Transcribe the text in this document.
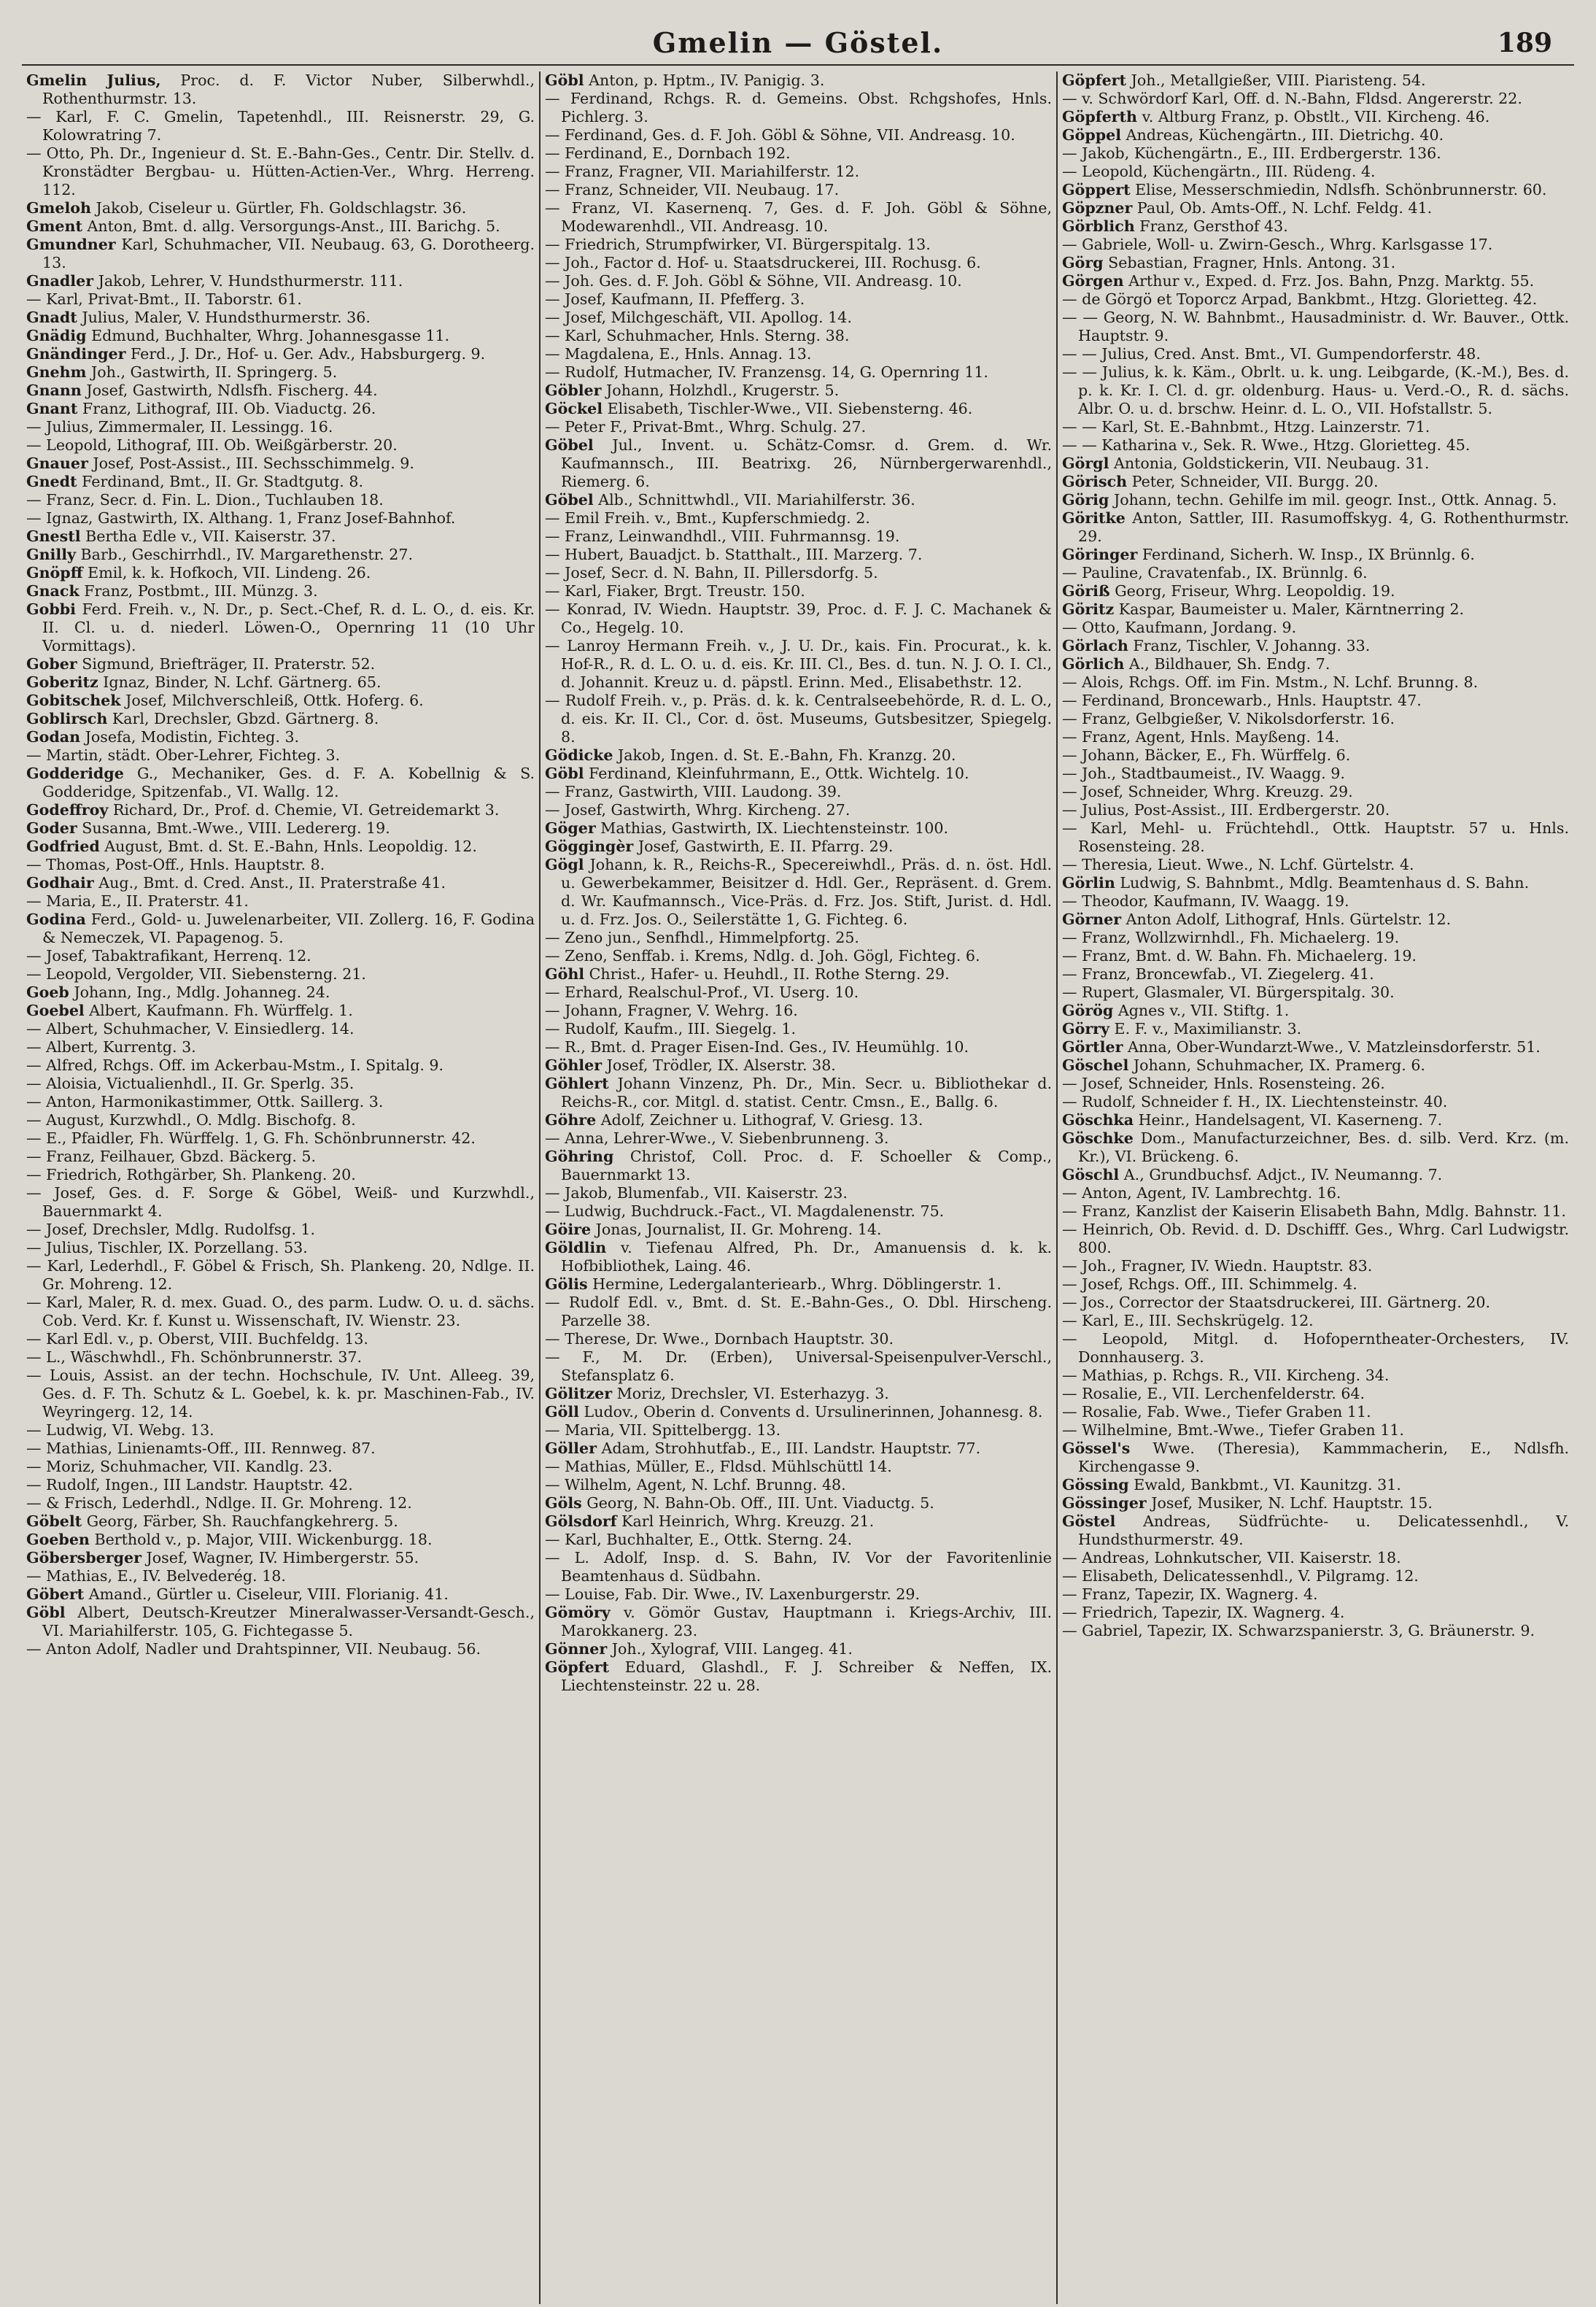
Gmelin — Göstel.	189
Gmelin Julius, Proc. d. F. Victor Nuber, Silberwhdl., Rothenthurmstr. 13.
— Karl, F. C. Gmelin, Tapetenhdl., III. Reisnerstr. 29, G. Kolowratring 7.
— Otto, Ph. Dr., Ingenieur d. St. E.-Bahn-Ges., Centr. Dir. Stellv. d. Kronstädter Bergbau- u. Hütten-Actien-Ver., Whrg. Herreng. 112.
Gmeloh Jakob, Ciseleur u. Gürtler, Fh. Goldschlagstr. 36.
Gment Anton, Bmt. d. allg. Versorgungs-Anst., III. Barichg. 5.
Gmundner Karl, Schuhmacher, VII. Neubaug. 63, G. Dorotheerg. 13.
Gnadler Jakob, Lehrer, V. Hundsthurmerstr. 111.
— Karl, Privat-Bmt., II. Taborstr. 61.
Gnadt Julius, Maler, V. Hundsthurmerstr. 36.
Gnädig Edmund, Buchhalter, Whrg. Johannesgasse 11.
Gnändinger Ferd., J. Dr., Hof- u. Ger. Adv., Habsburgerg. 9.
Gnehm Joh., Gastwirth, II. Springerg. 5.
Gnann Josef, Gastwirth, Ndlsfh. Fischerg. 44.
Gnant Franz, Lithograf, III. Ob. Viaductg. 26.
— Julius, Zimmermaler, II. Lessingg. 16.
— Leopold, Lithograf, III. Ob. Weißgärberstr. 20.
Gnauer Josef, Post-Assist., III. Sechsschimmelg. 9.
Gnedt Ferdinand, Bmt., II. Gr. Stadtgutg. 8.
— Franz, Secr. d. Fin. L. Dion., Tuchlauben 18.
— Ignaz, Gastwirth, IX. Althang. 1, Franz Josef-Bahnhof.
Gnestl Bertha Edle v., VII. Kaiserstr. 37.
Gnilly Barb., Geschirrhdl., IV. Margarethenstr. 27.
Gnöpff Emil, k. k. Hofkoch, VII. Lindeng. 26.
Gnack Franz, Postbmt., III. Münzg. 3.
Gobbi Ferd. Freih. v., N. Dr., p. Sect.-Chef, R. d. L. O., d. eis. Kr. II. Cl. u. d. niederl. Löwen-O., Opernring 11 (10 Uhr Vormittags).
Gober Sigmund, Briefträger, II. Praterstr. 52.
Goberitz Ignaz, Binder, N. Lchf. Gärtnerg. 65.
Gobitschek Josef, Milchverschleiß, Ottk. Hoferg. 6.
Goblirsch Karl, Drechsler, Gbzd. Gärtnerg. 8.
Godan Josefa, Modistin, Fichteg. 3.
— Martin, städt. Ober-Lehrer, Fichteg. 3.
Godderidge G., Mechaniker, Ges. d. F. A. Kobellnig & S. Godderidge, Spitzenfab., VI. Wallg. 12.
Godeffroy Richard, Dr., Prof. d. Chemie, VI. Getreidemarkt 3.
Goder Susanna, Bmt.-Wwe., VIII. Ledererg. 19.
Godfried August, Bmt. d. St. E.-Bahn, Hnls. Leopoldig. 12.
— Thomas, Post-Off., Hnls. Hauptstr. 8.
Godhair Aug., Bmt. d. Cred. Anst., II. Praterstraße 41.
— Maria, E., II. Praterstr. 41.
Godina Ferd., Gold- u. Juwelenarbeiter, VII. Zollerg. 16, F. Godina & Nemeczek, VI. Papagenog. 5.
— Josef, Tabaktrafikant, Herrenq. 12.
— Leopold, Vergolder, VII. Siebensterng. 21.
Goeb Johann, Ing., Mdlg. Johanneg. 24.
Goebel Albert, Kaufmann. Fh. Würffelg. 1.
— Albert, Schuhmacher, V. Einsiedlerg. 14.
— Albert, Kurrentg. 3.
— Alfred, Rchgs. Off. im Ackerbau-Mstm., I. Spitalg. 9.
— Aloisia, Victualienhdl., II. Gr. Sperlg. 35.
— Anton, Harmonikastimmer, Ottk. Saillerg. 3.
— August, Kurzwhdl., O. Mdlg. Bischofg. 8.
— E., Pfaidler, Fh. Würffelg. 1, G. Fh. Schönbrunnerstr. 42.
— Franz, Feilhauer, Gbzd. Bäckerg. 5.
— Friedrich, Rothgärber, Sh. Plankeng. 20.
— Josef, Ges. d. F. Sorge & Göbel, Weiß- und Kurzwhdl., Bauernmarkt 4.
— Josef, Drechsler, Mdlg. Rudolfsg. 1.
— Julius, Tischler, IX. Porzellang. 53.
— Karl, Lederhdl., F. Göbel & Frisch, Sh. Plankeng. 20, Ndlge. II. Gr. Mohreng. 12.
— Karl, Maler, R. d. mex. Guad. O., des parm. Ludw. O. u. d. sächs. Cob. Verd. Kr. f. Kunst u. Wissenschaft, IV. Wienstr. 23.
— Karl Edl. v., p. Oberst, VIII. Buchfeldg. 13.
— L., Wäschwhdl., Fh. Schönbrunnerstr. 37.
— Louis, Assist. an der techn. Hochschule, IV. Unt. Alleeg. 39, Ges. d. F. Th. Schutz & L. Goebel, k. k. pr. Maschinen-Fab., IV. Weyringerg. 12, 14.
— Ludwig, VI. Webg. 13.
— Mathias, Linienamts-Off., III. Rennweg. 87.
— Moriz, Schuhmacher, VII. Kandlg. 23.
— Rudolf, Ingen., III Landstr. Hauptstr. 42.
— & Frisch, Lederhdl., Ndlge. II. Gr. Mohreng. 12.
Göbelt Georg, Färber, Sh. Rauchfangkehrerg. 5.
Goeben Berthold v., p. Major, VIII. Wickenburgg. 18.
Göbersberger Josef, Wagner, IV. Himbergerstr. 55.
— Mathias, E., IV. Belvederég. 18.
Göbert Amand., Gürtler u. Ciseleur, VIII. Florianig. 41.
Göbl Albert, Deutsch-Kreutzer Mineralwasser-Versandt-Gesch., VI. Mariahilferstr. 105, G. Fichtegasse 5.
— Anton Adolf, Nadler und Drahtspinner, VII. Neubaug. 56.
Göbl Anton, p. Hptm., IV. Panigig. 3.
— Ferdinand, Rchgs. R. d. Gemeins. Obst. Rchgshofes, Hnls. Pichlerg. 3.
— Ferdinand, Ges. d. F. Joh. Göbl & Söhne, VII. Andreasg. 10.
— Ferdinand, E., Dornbach 192.
— Franz, Fragner, VII. Mariahilferstr. 12.
— Franz, Schneider, VII. Neubaug. 17.
— Franz, VI. Kasernenq. 7, Ges. d. F. Joh. Göbl & Söhne, Modewarenhdl., VII. Andreasg. 10.
— Friedrich, Strumpfwirker, VI. Bürgerspitalg. 13.
— Joh., Factor d. Hof- u. Staatsdruckerei, III. Rochusg. 6.
— Joh. Ges. d. F. Joh. Göbl & Söhne, VII. Andreasg. 10.
— Josef, Kaufmann, II. Pfefferg. 3.
— Josef, Milchgeschäft, VII. Apollog. 14.
— Karl, Schuhmacher, Hnls. Sterng. 38.
— Magdalena, E., Hnls. Annag. 13.
— Rudolf, Hutmacher, IV. Franzensg. 14, G. Opernring 11.
Göbler Johann, Holzhdl., Krugerstr. 5.
Göckel Elisabeth, Tischler-Wwe., VII. Siebensterng. 46.
— Peter F., Privat-Bmt., Whrg. Schulg. 27.
Göbel Jul., Invent. u. Schätz-Comsr. d. Grem. d. Wr. Kaufmannsch., III. Beatrixg. 26, Nürnbergerwarenhdl., Riemerg. 6.
Göbel Alb., Schnittwhdl., VII. Mariahilferstr. 36.
— Emil Freih. v., Bmt., Kupferschmiedg. 2.
— Franz, Leinwandhdl., VIII. Fuhrmannsg. 19.
— Hubert, Bauadjct. b. Statthalt., III. Marzerg. 7.
— Josef, Secr. d. N. Bahn, II. Pillersdorfg. 5.
— Karl, Fiaker, Brgt. Treustr. 150.
— Konrad, IV. Wiedn. Hauptstr. 39, Proc. d. F. J. C. Machanek & Co., Hegelg. 10.
— Lanroy Hermann Freih. v., J. U. Dr., kais. Fin. Procurat., k. k. Hof-R., R. d. L. O. u. d. eis. Kr. III. Cl., Bes. d. tun. N. J. O. I. Cl., d. Johannit. Kreuz u. d. päpstl. Erinn. Med., Elisabethstr. 12.
— Rudolf Freih. v., p. Präs. d. k. k. Centralseebehörde, R. d. L. O., d. eis. Kr. II. Cl., Cor. d. öst. Museums, Gutsbesitzer, Spiegelg. 8.
Gödicke Jakob, Ingen. d. St. E.-Bahn, Fh. Kranzg. 20.
Göbl Ferdinand, Kleinfuhrmann, E., Ottk. Wichtelg. 10.
— Franz, Gastwirth, VIII. Laudong. 39.
— Josef, Gastwirth, Whrg. Kircheng. 27.
Göger Mathias, Gastwirth, IX. Liechtensteinstr. 100.
Göggingèr Josef, Gastwirth, E. II. Pfarrg. 29.
Gögl Johann, k. R., Reichs-R., Specereiwhdl., Präs. d. n. öst. Hdl. u. Gewerbekammer, Beisitzer d. Hdl. Ger., Repräsent. d. Grem. d. Wr. Kaufmannsch., Vice-Präs. d. Frz. Jos. Stift, Jurist. d. Hdl. u. d. Frz. Jos. O., Seilerstätte 1, G. Fichteg. 6.
— Zeno jun., Senfhdl., Himmelpfortg. 25.
— Zeno, Senffab. i. Krems, Ndlg. d. Joh. Gögl, Fichteg. 6.
Göhl Christ., Hafer- u. Heuhdl., II. Rothe Sterng. 29.
— Erhard, Realschul-Prof., VI. Userg. 10.
— Johann, Fragner, V. Wehrg. 16.
— Rudolf, Kaufm., III. Siegelg. 1.
— R., Bmt. d. Prager Eisen-Ind. Ges., IV. Heumühlg. 10.
Göhler Josef, Trödler, IX. Alserstr. 38.
Göhlert Johann Vinzenz, Ph. Dr., Min. Secr. u. Bibliothekar d. Reichs-R., cor. Mitgl. d. statist. Centr. Cmsn., E., Ballg. 6.
Göhre Adolf, Zeichner u. Lithograf, V. Griesg. 13.
— Anna, Lehrer-Wwe., V. Siebenbrunneng. 3.
Göhring Christof, Coll. Proc. d. F. Schoeller & Comp., Bauernmarkt 13.
— Jakob, Blumenfab., VII. Kaiserstr. 23.
— Ludwig, Buchdruck.-Fact., VI. Magdalenenstr. 75.
Göire Jonas, Journalist, II. Gr. Mohreng. 14.
Göldlin v. Tiefenau Alfred, Ph. Dr., Amanuensis d. k. k. Hofbibliothek, Laing. 46.
Gölis Hermine, Ledergalanteriearb., Whrg. Döblingerstr. 1.
— Rudolf Edl. v., Bmt. d. St. E.-Bahn-Ges., O. Dbl. Hirscheng. Parzelle 38.
— Therese, Dr. Wwe., Dornbach Hauptstr. 30.
— F., M. Dr. (Erben), Universal-Speisenpulver-Verschl., Stefansplatz 6.
Gölitzer Moriz, Drechsler, VI. Esterhazyg. 3.
Göll Ludov., Oberin d. Convents d. Ursulinerinnen, Johannesg. 8.
— Maria, VII. Spittelbergg. 13.
Göller Adam, Strohhutfab., E., III. Landstr. Hauptstr. 77.
— Mathias, Müller, E., Fldsd. Mühlschüttl 14.
— Wilhelm, Agent, N. Lchf. Brunng. 48.
Göls Georg, N. Bahn-Ob. Off., III. Unt. Viaductg. 5.
Gölsdorf Karl Heinrich, Whrg. Kreuzg. 21.
— Karl, Buchhalter, E., Ottk. Sterng. 24.
— L. Adolf, Insp. d. S. Bahn, IV. Vor der Favoritenlinie Beamtenhaus d. Südbahn.
— Louise, Fab. Dir. Wwe., IV. Laxenburgerstr. 29.
Gömöry v. Gömör Gustav, Hauptmann i. Kriegs-Archiv, III. Marokkanerg. 23.
Gönner Joh., Xylograf, VIII. Langeg. 41.
Göpfert Eduard, Glashdl., F. J. Schreiber & Neffen, IX. Liechtensteinstr. 22 u. 28.
Göpfert Joh., Metallgießer, VIII. Piaristeng. 54.
— v. Schwördorf Karl, Off. d. N.-Bahn, Fldsd. Angererstr. 22.
Göpferth v. Altburg Franz, p. Obstlt., VII. Kircheng. 46.
Göppel Andreas, Küchengärtn., III. Dietrichg. 40.
— Jakob, Küchengärtn., E., III. Erdbergerstr. 136.
— Leopold, Küchengärtn., III. Rüdeng. 4.
Göppert Elise, Messerschmiedin, Ndlsfh. Schönbrunnerstr. 60.
Göpzner Paul, Ob. Amts-Off., N. Lchf. Feldg. 41.
Görblich Franz, Gersthof 43.
— Gabriele, Woll- u. Zwirn-Gesch., Whrg. Karlsgasse 17.
Görg Sebastian, Fragner, Hnls. Antong. 31.
Görgen Arthur v., Exped. d. Frz. Jos. Bahn, Pnzg. Marktg. 55.
— de Görgö et Toporcz Arpad, Bankbmt., Htzg. Glorietteg. 42.
— — Georg, N. W. Bahnbmt., Hausadministr. d. Wr. Bauver., Ottk. Hauptstr. 9.
— — Julius, Cred. Anst. Bmt., VI. Gumpendorferstr. 48.
— — Julius, k. k. Käm., Obrlt. u. k. ung. Leibgarde, (K.-M.), Bes. d. p. k. Kr. I. Cl. d. gr. oldenburg. Haus- u. Verd.-O., R. d. sächs. Albr. O. u. d. brschw. Heinr. d. L. O., VII. Hofstallstr. 5.
— — Karl, St. E.-Bahnbmt., Htzg. Lainzerstr. 71.
— — Katharina v., Sek. R. Wwe., Htzg. Glorietteg. 45.
Görgl Antonia, Goldstickerin, VII. Neubaug. 31.
Görisch Peter, Schneider, VII. Burgg. 20.
Görig Johann, techn. Gehilfe im mil. geogr. Inst., Ottk. Annag. 5.
Göritke Anton, Sattler, III. Rasumoffskyg. 4, G. Rothenthurmstr. 29.
Göringer Ferdinand, Sicherh. W. Insp., IX Brünnlg. 6.
— Pauline, Cravatenfab., IX. Brünnlg. 6.
Göriß Georg, Friseur, Whrg. Leopoldig. 19.
Göritz Kaspar, Baumeister u. Maler, Kärntnerring 2.
— Otto, Kaufmann, Jordang. 9.
Görlach Franz, Tischler, V. Johanng. 33.
Görlich A., Bildhauer, Sh. Endg. 7.
— Alois, Rchgs. Off. im Fin. Mstm., N. Lchf. Brunng. 8.
— Ferdinand, Broncewarb., Hnls. Hauptstr. 47.
— Franz, Gelbgießer, V. Nikolsdorferstr. 16.
— Franz, Agent, Hnls. Mayßeng. 14.
— Johann, Bäcker, E., Fh. Würffelg. 6.
— Joh., Stadtbaumeist., IV. Waagg. 9.
— Josef, Schneider, Whrg. Kreuzg. 29.
— Julius, Post-Assist., III. Erdbergerstr. 20.
— Karl, Mehl- u. Früchtehdl., Ottk. Hauptstr. 57 u. Hnls. Rosensteing. 28.
— Theresia, Lieut. Wwe., N. Lchf. Gürtelstr. 4.
Görlin Ludwig, S. Bahnbmt., Mdlg. Beamtenhaus d. S. Bahn.
— Theodor, Kaufmann, IV. Waagg. 19.
Görner Anton Adolf, Lithograf, Hnls. Gürtelstr. 12.
— Franz, Wollzwirnhdl., Fh. Michaelerg. 19.
— Franz, Bmt. d. W. Bahn. Fh. Michaelerg. 19.
— Franz, Broncewfab., VI. Ziegelerg. 41.
— Rupert, Glasmaler, VI. Bürgerspitalg. 30.
Görög Agnes v., VII. Stiftg. 1.
Görry E. F. v., Maximilianstr. 3.
Görtler Anna, Ober-Wundarzt-Wwe., V. Matzleinsdorferstr. 51.
Göschel Johann, Schuhmacher, IX. Pramerg. 6.
— Josef, Schneider, Hnls. Rosensteing. 26.
— Rudolf, Schneider f. H., IX. Liechtensteinstr. 40.
Göschka Heinr., Handelsagent, VI. Kaserneng. 7.
Göschke Dom., Manufacturzeichner, Bes. d. silb. Verd. Krz. (m. Kr.), VI. Brückeng. 6.
Göschl A., Grundbuchsf. Adjct., IV. Neumanng. 7.
— Anton, Agent, IV. Lambrechtg. 16.
— Franz, Kanzlist der Kaiserin Elisabeth Bahn, Mdlg. Bahnstr. 11.
— Heinrich, Ob. Revid. d. D. Dschifff. Ges., Whrg. Carl Ludwigstr. 800.
— Joh., Fragner, IV. Wiedn. Hauptstr. 83.
— Josef, Rchgs. Off., III. Schimmelg. 4.
— Jos., Corrector der Staatsdruckerei, III. Gärtnerg. 20.
— Karl, E., III. Sechskrügelg. 12.
— Leopold, Mitgl. d. Hofoperntheater-Orchesters, IV. Donnhauserg. 3.
— Mathias, p. Rchgs. R., VII. Kircheng. 34.
— Rosalie, E., VII. Lerchenfelderstr. 64.
— Rosalie, Fab. Wwe., Tiefer Graben 11.
— Wilhelmine, Bmt.-Wwe., Tiefer Graben 11.
Gössel's Wwe. (Theresia), Kammmacherin, E., Ndlsfh. Kirchengasse 9.
Gössing Ewald, Bankbmt., VI. Kaunitzg. 31.
Gössinger Josef, Musiker, N. Lchf. Hauptstr. 15.
Göstel Andreas, Südfrüchte- u. Delicatessenhdl., V. Hundsthurmerstr. 49.
— Andreas, Lohnkutscher, VII. Kaiserstr. 18.
— Elisabeth, Delicatessenhdl., V. Pilgramg. 12.
— Franz, Tapezir, IX. Wagnerg. 4.
— Friedrich, Tapezir, IX. Wagnerg. 4.
— Gabriel, Tapezir, IX. Schwarzspanierstr. 3, G. Bräunerstr. 9.
